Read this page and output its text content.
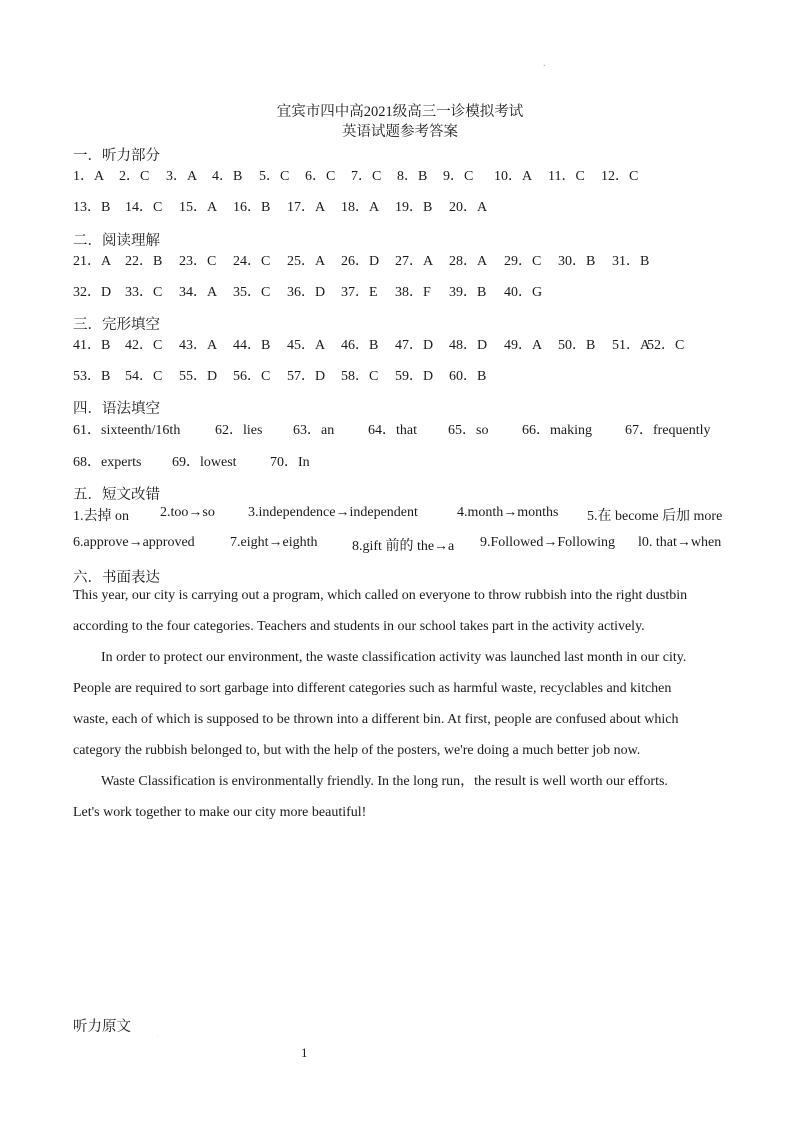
.
宜宾市四中高2021级高三一诊模拟考试
英语试题参考答案
一．听力部分
1．A 2．C 3．A 4．B 5．C 6．C 7．C 8．B 9．C 10．A 11．C 12．C
13．B 14．C 15．A 16．B 17．A 18．A 19．B 20．A
二．阅读理解
21．A 22．B 23．C 24．C 25．A 26．D 27．A 28．A 29．C 30．B 31．B
32．D 33．C 34．A 35．C 36．D 37．E 38．F 39．B 40．G
三．完形填空
41．B 42．C 43．A 44．B 45．A 46．B 47．D 48．D 49．A 50．B 51．A
52．C
53．B 54．C 55．D 56．C 57．D 58．C 59．D 60．B
四．语法填空
61．sixteenth/16th 62．lies 63．an 64．that 65．so 66．making 67．frequently
68．experts 69．lowest 70．In
五．短文改错
1.去掉 on 2.too→so 3.independence→independent	4.month→months 5.在 become 后加 more
6.approve→approved	7.eight→eighth 8.gift 前的 the→a 9.Followed→Following l0. that→when
六．书面表达

This year, our city is carrying out a program, which called on everyone to throw rubbish into the right dustbin

according to the four categories. Teachers and students in our school takes part in the activity actively.

In order to protect our environment, the waste classification activity was launched last month in our city.

People are required to sort garbage into different categories such as harmful waste, recyclables and kitchen

waste, each of which is supposed to be thrown into a different bin. At first, people are confused about which

category the rubbish belonged to, but with the help of the posters, we're doing a much better job now.

Waste Classification is environmentally friendly. In the long run，the result is well worth our efforts.

Let's work together to make our city more beautiful!

听力原文
.
1
